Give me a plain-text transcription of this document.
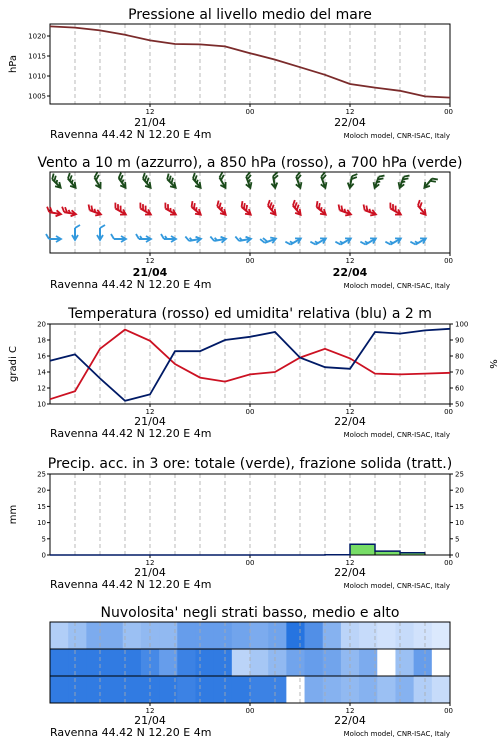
Pressione al livello medio del mare
12	00	12	00
1005
1010
1015
1020
hPa
21/04	22/04
Ravenna 44.42 N 12.20 E 4m	Moloch model, CNR-ISAC, Italy
Vento a 10 m (azzurro), a 850 hPa (rosso), a 700 hPa (verde)
12	00	12	00
21/04	22/04
Ravenna 44.42 N 12.20 E 4m	Moloch model, CNR-ISAC, Italy
Temperatura (rosso) ed umidita' relativa (blu) a 2 m
12	00	12	00
10
12
14
16
18
20
50
60
70
80
90
100
gradi C	%
21/04	22/04
Ravenna 44.42 N 12.20 E 4m	Moloch model, CNR-ISAC, Italy
Precip. acc. in 3 ore: totale (verde), frazione solida (tratt.)
12	00	12	00
0
5
10
15
20
25
0
5
10
15
20
25
mm
21/04	22/04
Ravenna 44.42 N 12.20 E 4m	Moloch model, CNR-ISAC, Italy
Nuvolosita' negli strati basso, medio e alto
12	00	12	00
21/04	22/04
Ravenna 44.42 N 12.20 E 4m	Moloch model, CNR-ISAC, Italy
